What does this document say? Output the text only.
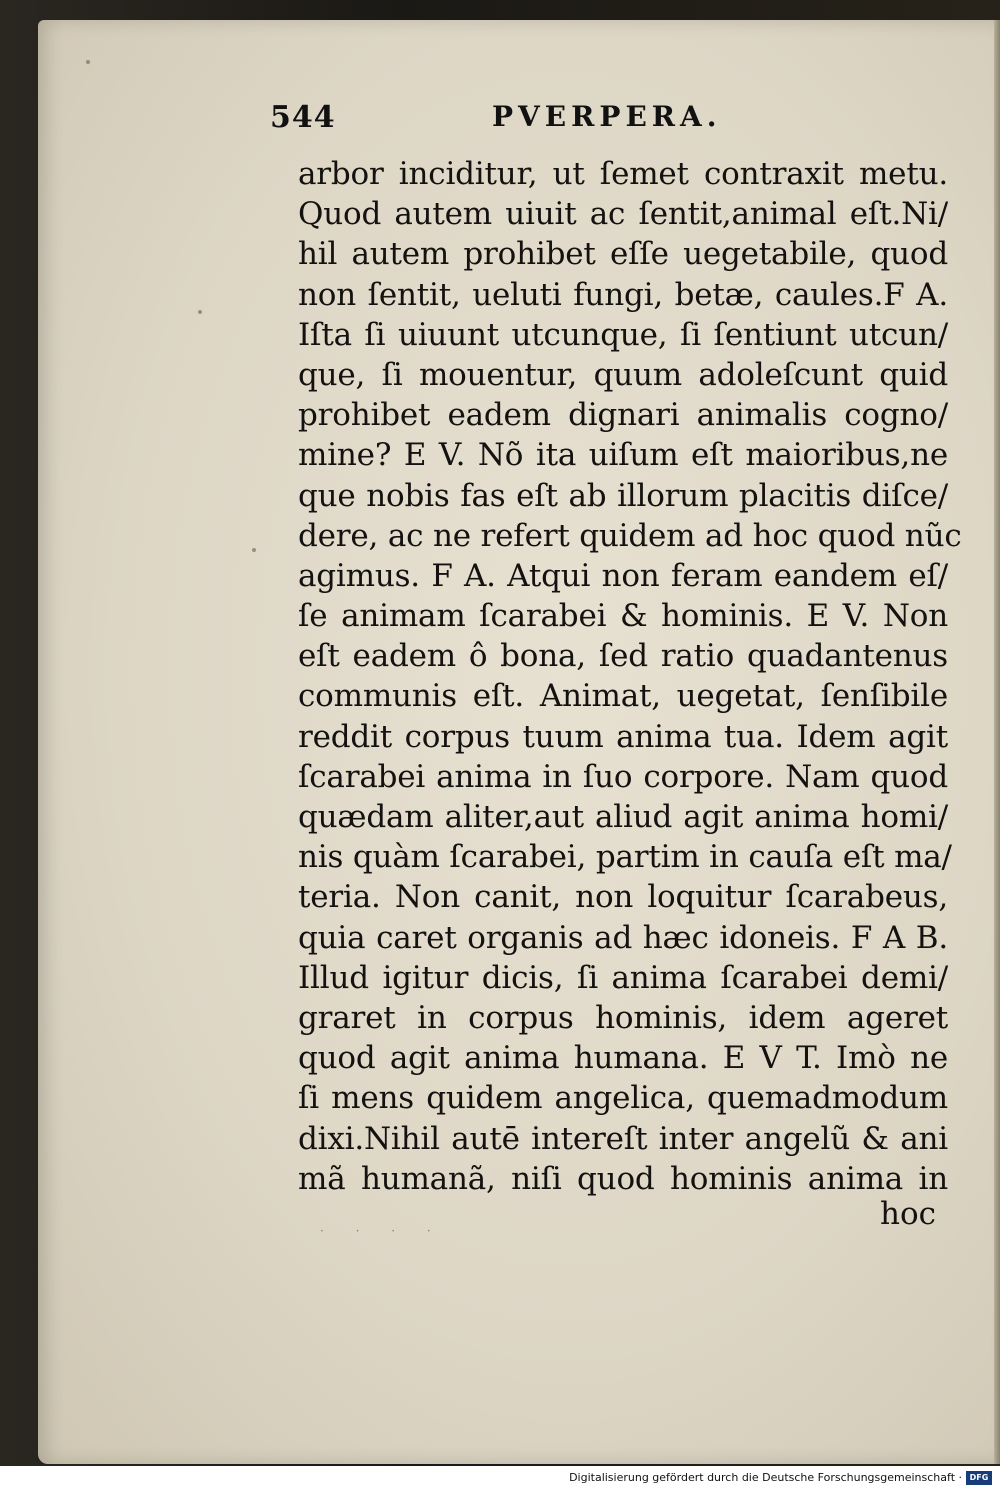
544	PVERPERA.
arbor inciditur, ut ſemet contraxit metu.
Quod autem uiuit ac ſentit,animal eſt.Ni/
hil autem prohibet eſſe uegetabile, quod
non ſentit, ueluti fungi, betæ, caules.F A.
Iſta ſi uiuunt utcunque, ſi ſentiunt utcun/
que, ſi mouentur, quum adoleſcunt quid
prohibet eadem dignari animalis cogno/
mine? E V. Nõ ita uiſum eſt maioribus,ne
que nobis fas eſt ab illorum placitis diſce/
dere, ac ne refert quidem ad hoc quod nũc
agimus. F A. Atqui non feram eandem eſ/
ſe animam ſcarabei & hominis. E V. Non
eſt eadem ô bona, ſed ratio quadantenus
communis eſt. Animat, uegetat, ſenſibile
reddit corpus tuum anima tua. Idem agit
ſcarabei anima in ſuo corpore. Nam quod
quædam aliter,aut aliud agit anima homi/
nis quàm ſcarabei, partim in cauſa eſt ma/
teria. Non canit, non loquitur ſcarabeus,
quia caret organis ad hæc idoneis. F A B.
Illud igitur dicis, ſi anima ſcarabei demi/
graret in corpus hominis, idem ageret
quod agit anima humana. E V T. Imò ne
ſi mens quidem angelica, quemadmodum
dixi.Nihil autē intereſt inter angelũ & ani
mã humanã, niſi quod hominis anima in
· · · ·	hoc
Digitalisierung gefördert durch die Deutsche Forschungsgemeinschaft · DFG
